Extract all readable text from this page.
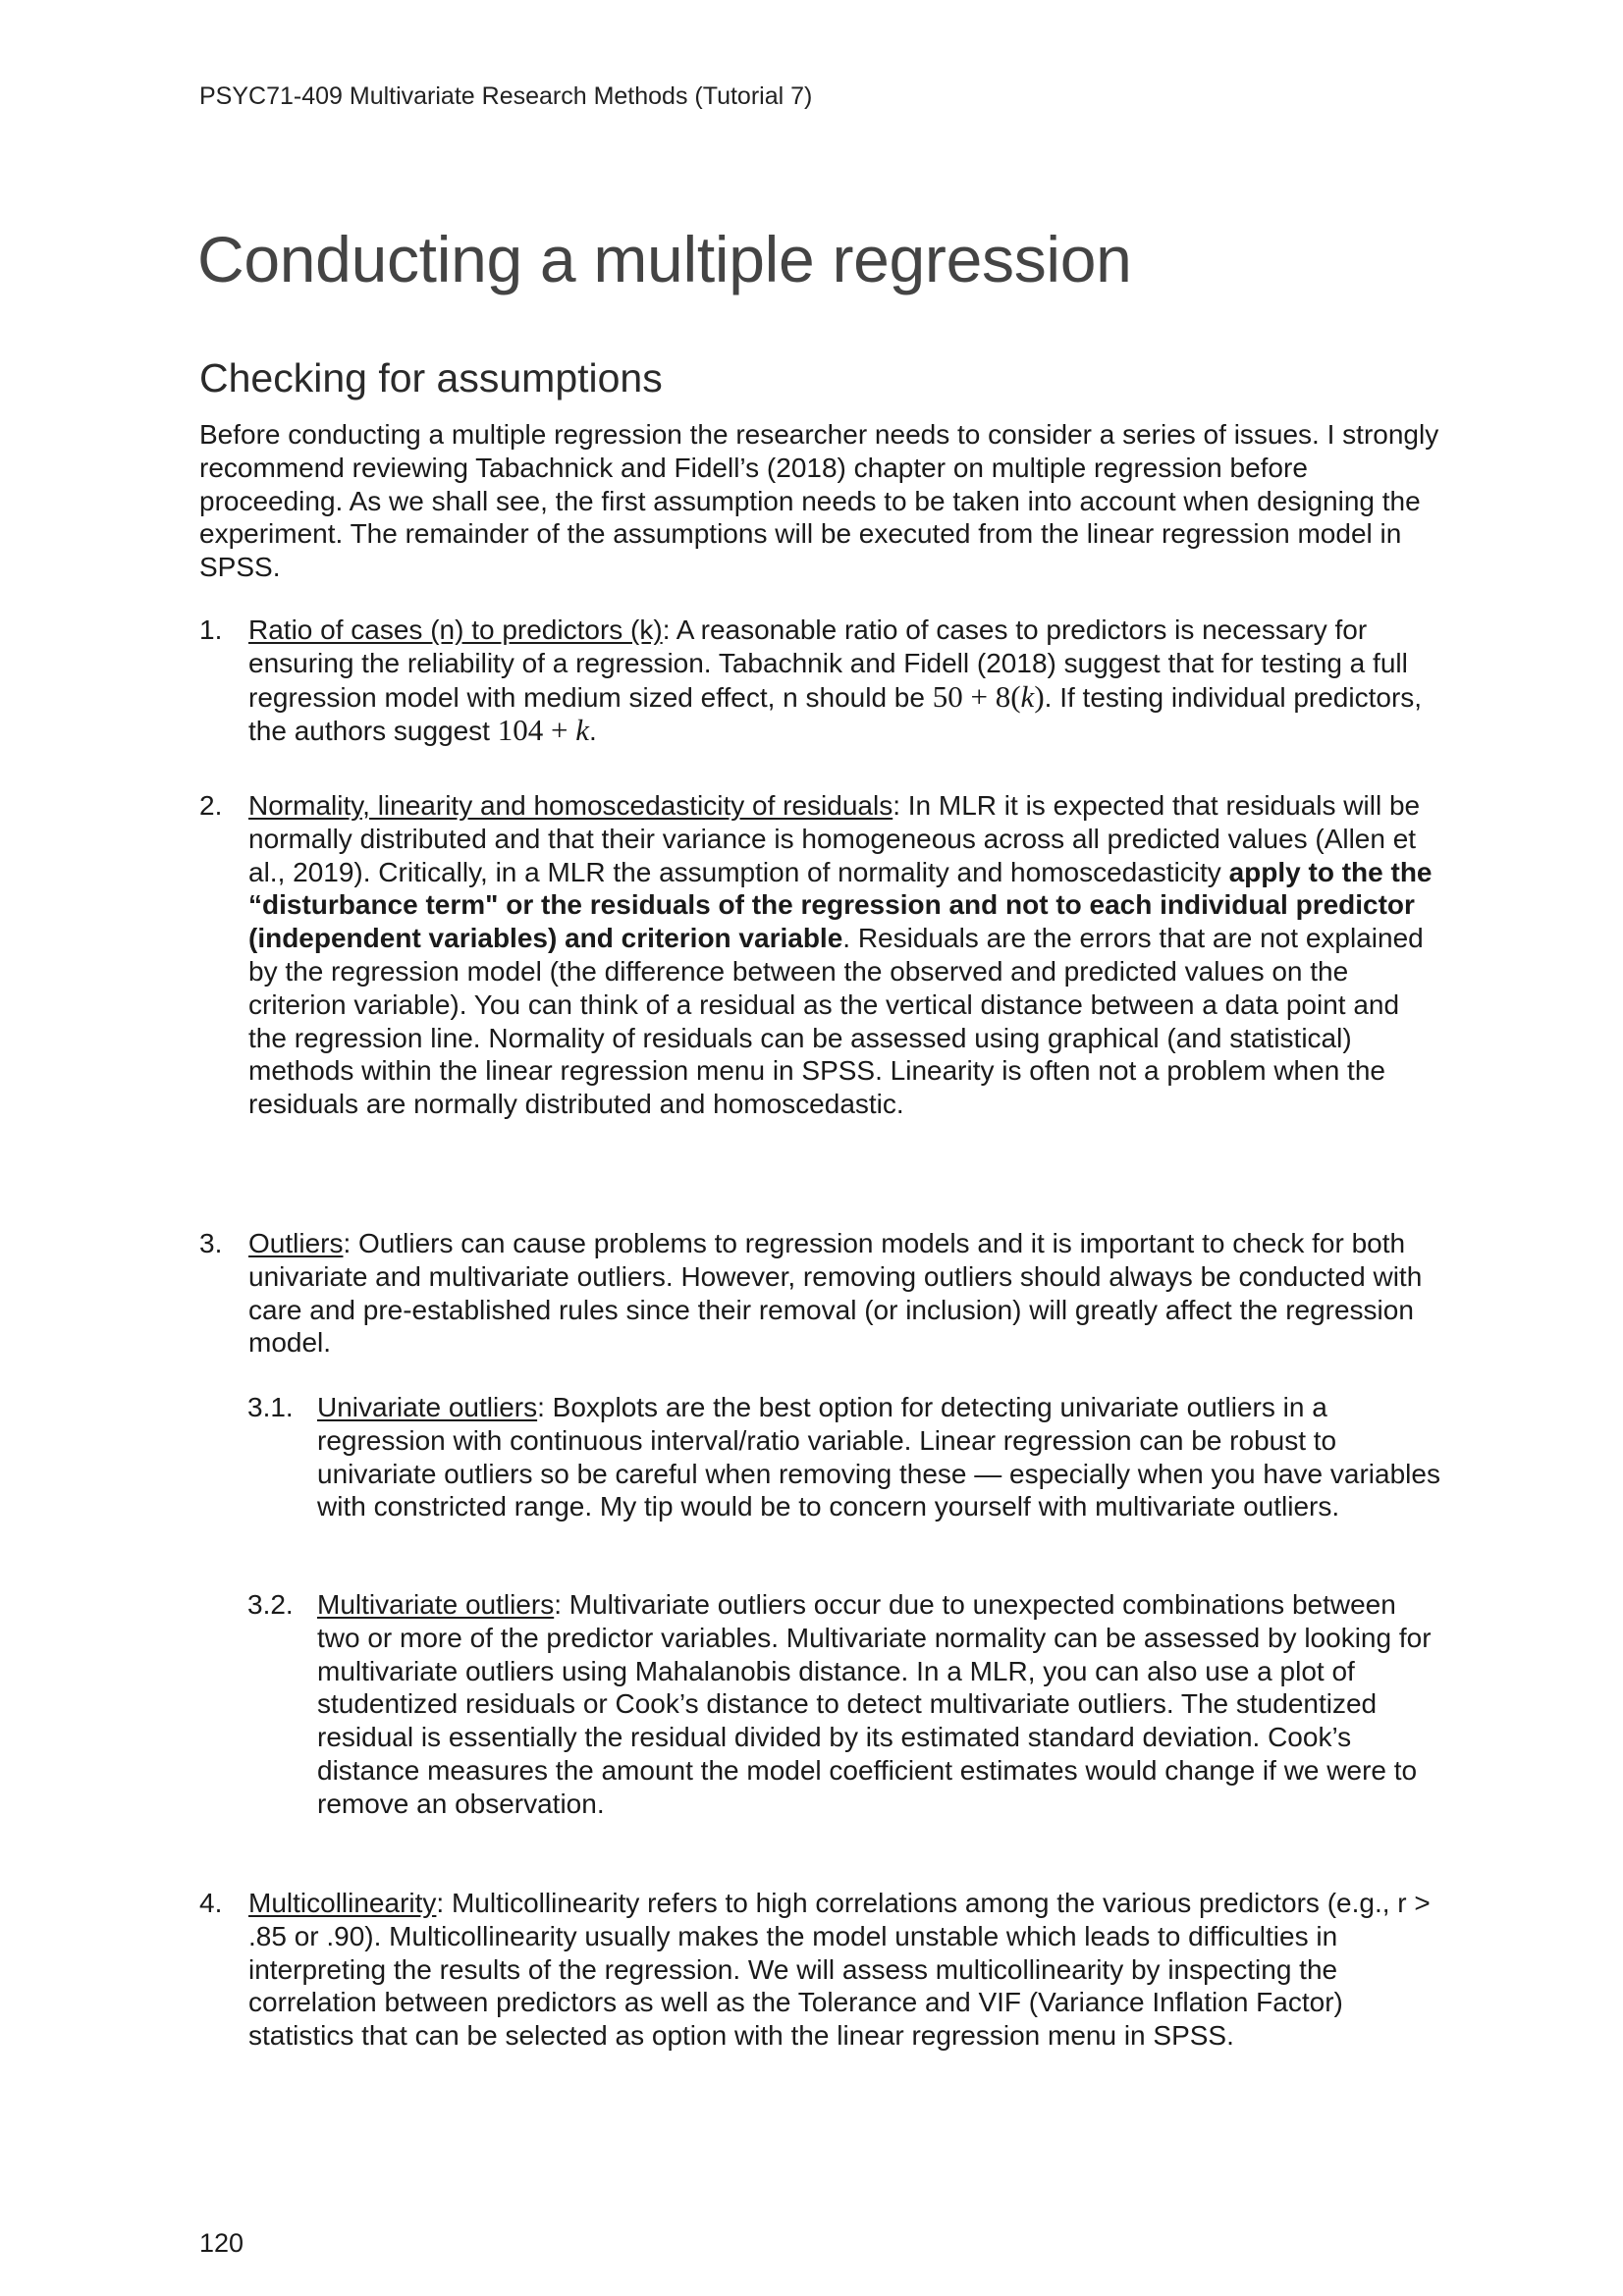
PSYC71-409 Multivariate Research Methods (Tutorial 7)
Conducting a multiple regression
Checking for assumptions

Before conducting a multiple regression the researcher needs to consider a series of issues. I strongly recommend reviewing Tabachnick and Fidell’s (2018) chapter on multiple regression before proceeding. As we shall see, the first assumption needs to be taken into account when designing the experiment. The remainder of the assumptions will be executed from the linear regression model in SPSS.

1. Ratio of cases (n) to predictors (k): A reasonable ratio of cases to predictors is necessary for ensuring the reliability of a regression. Tabachnik and Fidell (2018) suggest that for testing a full regression model with medium sized effect, n should be 50 + 8(k). If testing individual predictors, the authors suggest 104 + k.
2. Normality, linearity and homoscedasticity of residuals: In MLR it is expected that residuals will be normally distributed and that their variance is homogeneous across all predicted values (Allen et al., 2019). Critically, in a MLR the assumption of normality and homoscedasticity apply to the the “disturbance term" or the residuals of the regression and not to each individual predictor (independent variables) and criterion variable. Residuals are the errors that are not explained by the regression model (the difference between the observed and predicted values on the criterion variable). You can think of a residual as the vertical distance between a data point and the regression line. Normality of residuals can be assessed using graphical (and statistical) methods within the linear regression menu in SPSS. Linearity is often not a problem when the residuals are normally distributed and homoscedastic.
3. Outliers: Outliers can cause problems to regression models and it is important to check for both univariate and multivariate outliers. However, removing outliers should always be conducted with care and pre-established rules since their removal (or inclusion) will greatly affect the regression model.
3.1. Univariate outliers: Boxplots are the best option for detecting univariate outliers in a regression with continuous interval/ratio variable. Linear regression can be robust to univariate outliers so be careful when removing these — especially when you have variables with constricted range. My tip would be to concern yourself with multivariate outliers.
3.2. Multivariate outliers: Multivariate outliers occur due to unexpected combinations between two or more of the predictor variables. Multivariate normality can be assessed by looking for multivariate outliers using Mahalanobis distance. In a MLR, you can also use a plot of studentized residuals or Cook’s distance to detect multivariate outliers. The studentized residual is essentially the residual divided by its estimated standard deviation. Cook’s distance measures the amount the model coefficient estimates would change if we were to remove an observation.
4. Multicollinearity: Multicollinearity refers to high correlations among the various predictors (e.g., r > .85 or .90). Multicollinearity usually makes the model unstable which leads to difficulties in interpreting the results of the regression. We will assess multicollinearity by inspecting the correlation between predictors as well as the Tolerance and VIF (Variance Inflation Factor) statistics that can be selected as option with the linear regression menu in SPSS.
120
